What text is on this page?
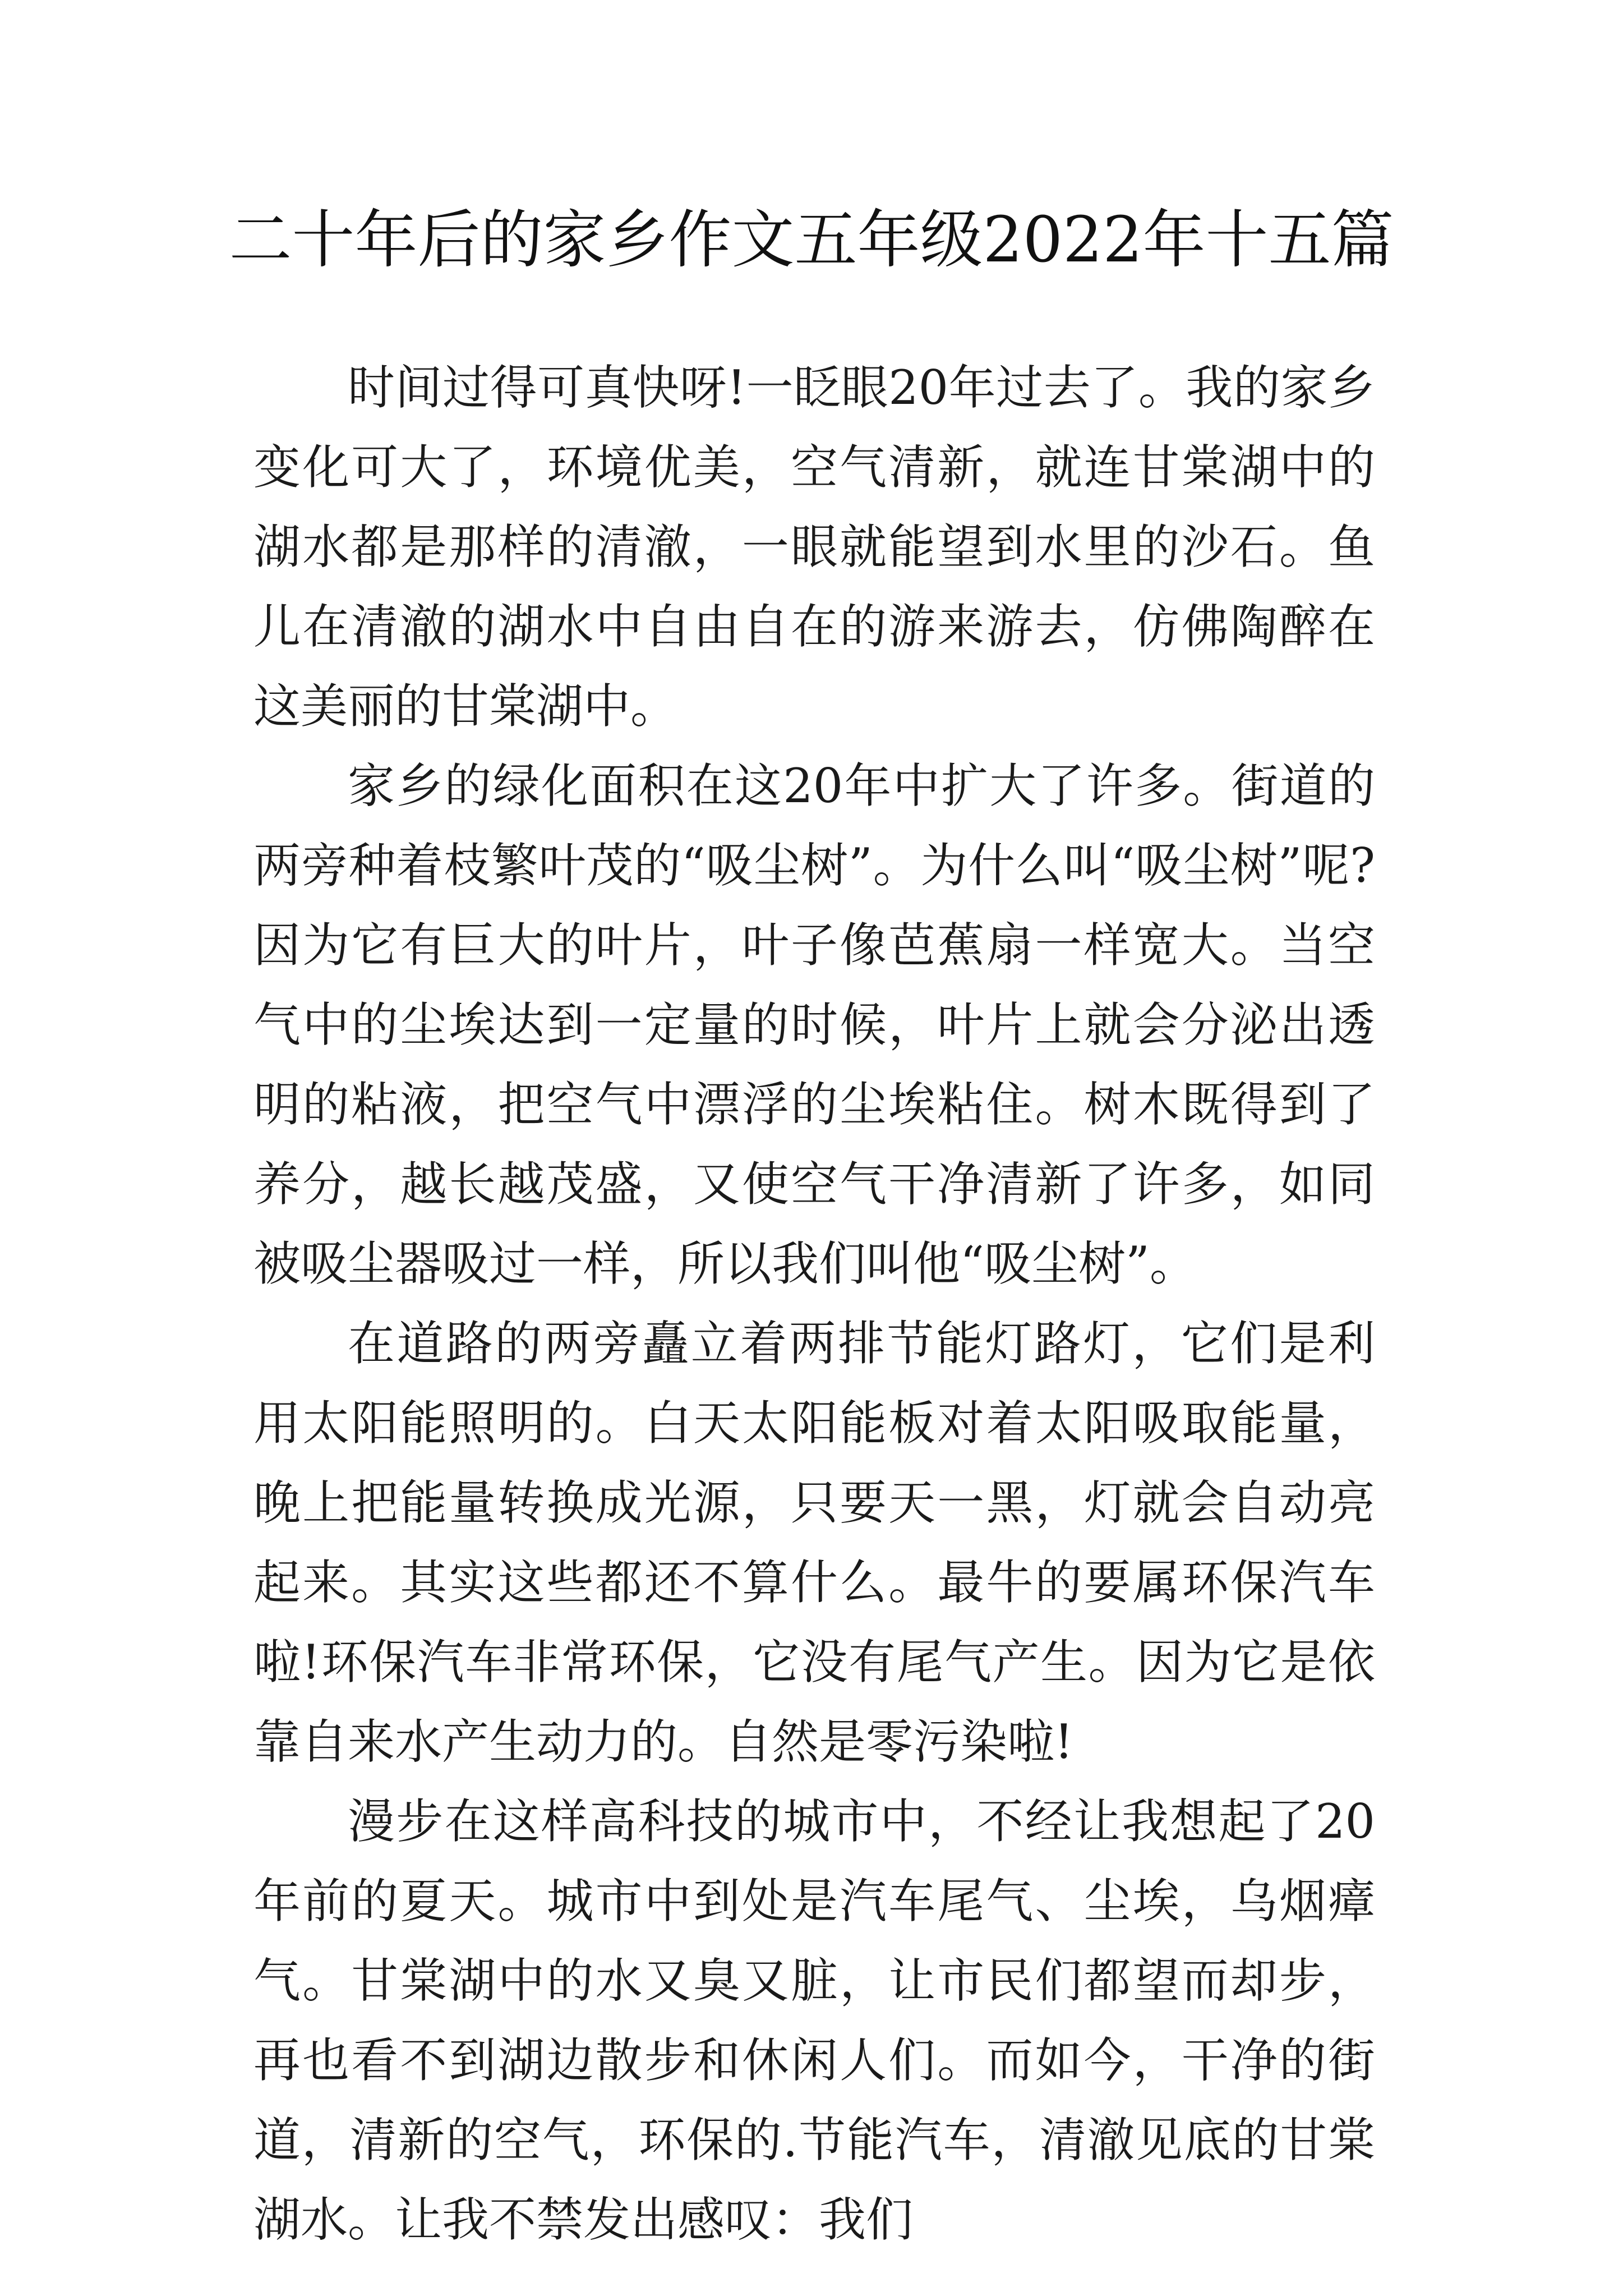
二十年后的家乡作文五年级2022年十五篇

时间过得可真快呀!一眨眼20年过去了。我的家乡变化可大了，环境优美，空气清新，就连甘棠湖中的湖水都是那样的清澈，一眼就能望到水里的沙石。鱼儿在清澈的湖水中自由自在的游来游去，仿佛陶醉在这美丽的甘棠湖中。

家乡的绿化面积在这20年中扩大了许多。街道的两旁种着枝繁叶茂的“吸尘树”。为什么叫“吸尘树”呢?因为它有巨大的叶片，叶子像芭蕉扇一样宽大。当空气中的尘埃达到一定量的时候，叶片上就会分泌出透明的粘液，把空气中漂浮的尘埃粘住。树木既得到了养分，越长越茂盛，又使空气干净清新了许多，如同被吸尘器吸过一样，所以我们叫他“吸尘树”。

在道路的两旁矗立着两排节能灯路灯，它们是利用太阳能照明的。白天太阳能板对着太阳吸取能量，晚上把能量转换成光源，只要天一黑，灯就会自动亮起来。其实这些都还不算什么。最牛的要属环保汽车啦!环保汽车非常环保，它没有尾气产生。因为它是依靠自来水产生动力的。自然是零污染啦!

漫步在这样高科技的城市中，不经让我想起了20年前的夏天。城市中到处是汽车尾气、尘埃，乌烟瘴气。甘棠湖中的水又臭又脏，让市民们都望而却步，再也看不到湖边散步和休闲人们。而如今，干净的街道，清新的空气，环保的.节能汽车，清澈见底的甘棠湖水。让我不禁发出感叹：我们
